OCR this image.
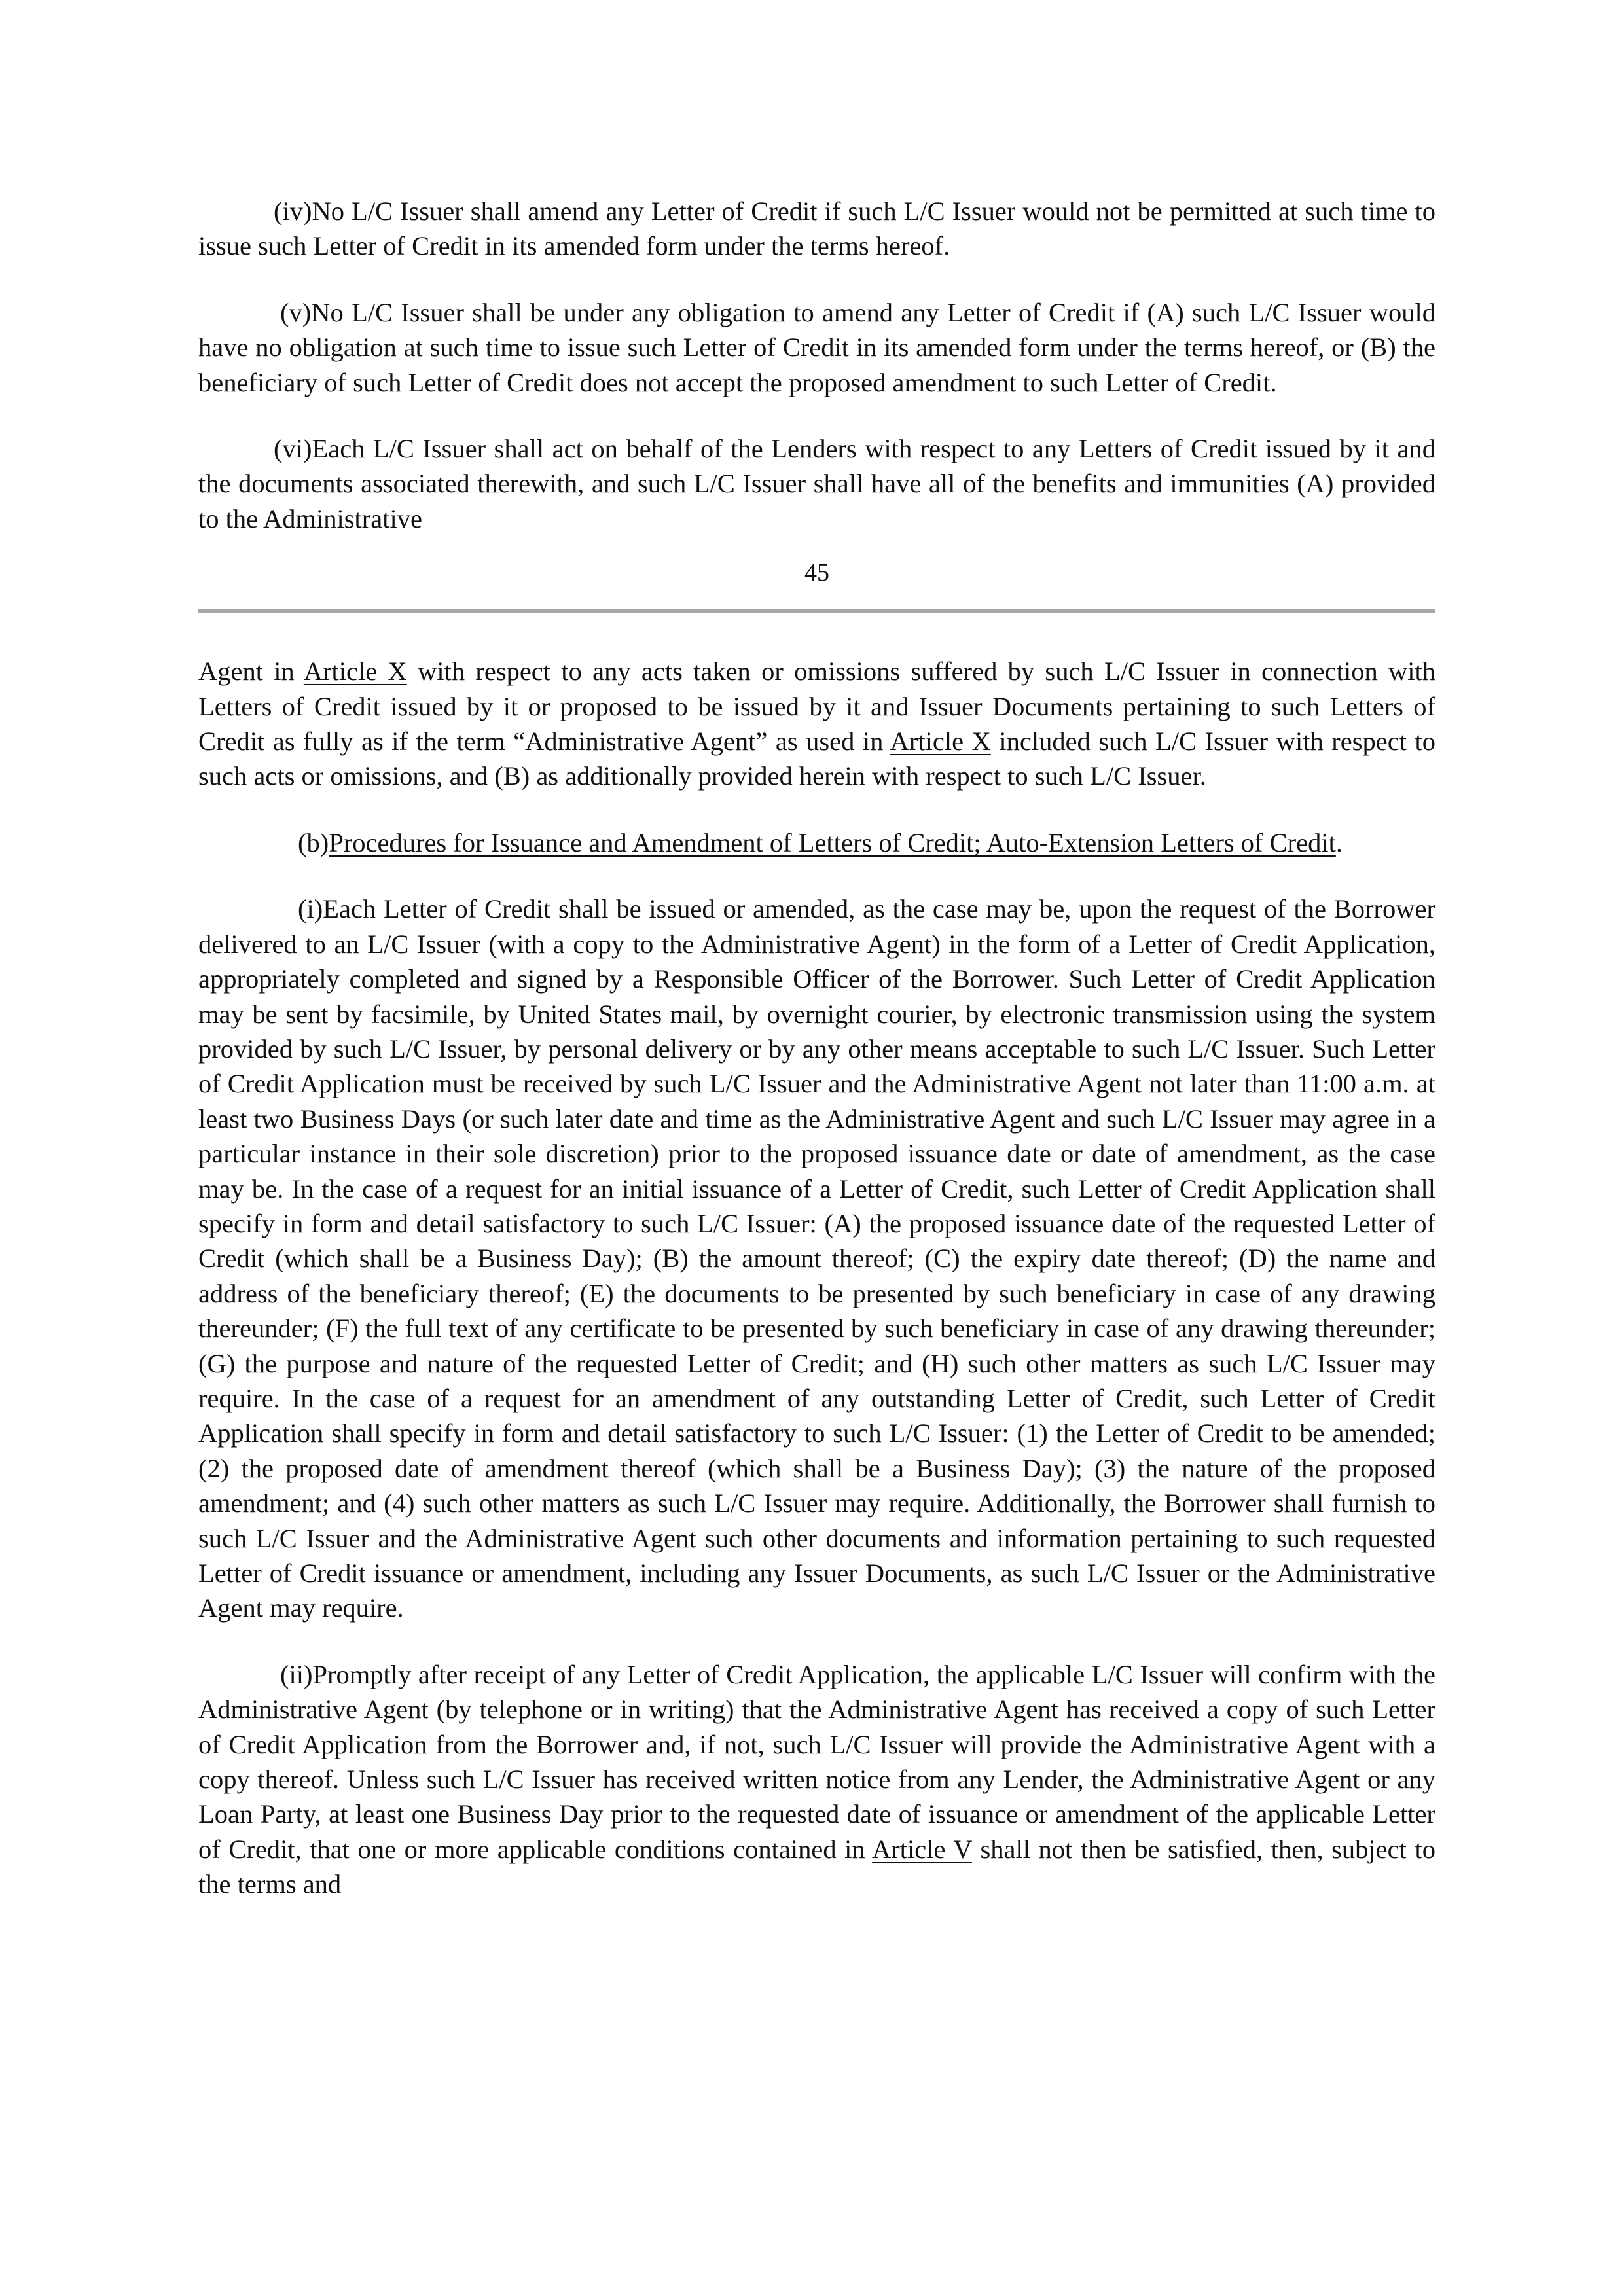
(iv)No L/C Issuer shall amend any Letter of Credit if such L/C Issuer would not be permitted at such time to issue such Letter of Credit in its amended form under the terms hereof.

(v)No L/C Issuer shall be under any obligation to amend any Letter of Credit if (A) such L/C Issuer would have no obligation at such time to issue such Letter of Credit in its amended form under the terms hereof, or (B) the beneficiary of such Letter of Credit does not accept the proposed amendment to such Letter of Credit.

(vi)Each L/C Issuer shall act on behalf of the Lenders with respect to any Letters of Credit issued by it and the documents associated therewith, and such L/C Issuer shall have all of the benefits and immunities (A) provided to the Administrative

45

Agent in Article X with respect to any acts taken or omissions suffered by such L/C Issuer in connection with Letters of Credit issued by it or proposed to be issued by it and Issuer Documents pertaining to such Letters of Credit as fully as if the term “Administrative Agent” as used in Article X included such L/C Issuer with respect to such acts or omissions, and (B) as additionally provided herein with respect to such L/C Issuer.

(b)Procedures for Issuance and Amendment of Letters of Credit; Auto-Extension Letters of Credit.

(i)Each Letter of Credit shall be issued or amended, as the case may be, upon the request of the Borrower delivered to an L/C Issuer (with a copy to the Administrative Agent) in the form of a Letter of Credit Application, appropriately completed and signed by a Responsible Officer of the Borrower. Such Letter of Credit Application may be sent by facsimile, by United States mail, by overnight courier, by electronic transmission using the system provided by such L/C Issuer, by personal delivery or by any other means acceptable to such L/C Issuer. Such Letter of Credit Application must be received by such L/C Issuer and the Administrative Agent not later than 11:00 a.m. at least two Business Days (or such later date and time as the Administrative Agent and such L/C Issuer may agree in a particular instance in their sole discretion) prior to the proposed issuance date or date of amendment, as the case may be. In the case of a request for an initial issuance of a Letter of Credit, such Letter of Credit Application shall specify in form and detail satisfactory to such L/C Issuer: (A) the proposed issuance date of the requested Letter of Credit (which shall be a Business Day); (B) the amount thereof; (C) the expiry date thereof; (D) the name and address of the beneficiary thereof; (E) the documents to be presented by such beneficiary in case of any drawing thereunder; (F) the full text of any certificate to be presented by such beneficiary in case of any drawing thereunder; (G) the purpose and nature of the requested Letter of Credit; and (H) such other matters as such L/C Issuer may require. In the case of a request for an amendment of any outstanding Letter of Credit, such Letter of Credit Application shall specify in form and detail satisfactory to such L/C Issuer: (1) the Letter of Credit to be amended; (2) the proposed date of amendment thereof (which shall be a Business Day); (3) the nature of the proposed amendment; and (4) such other matters as such L/C Issuer may require. Additionally, the Borrower shall furnish to such L/C Issuer and the Administrative Agent such other documents and information pertaining to such requested Letter of Credit issuance or amendment, including any Issuer Documents, as such L/C Issuer or the Administrative Agent may require.

(ii)Promptly after receipt of any Letter of Credit Application, the applicable L/C Issuer will confirm with the Administrative Agent (by telephone or in writing) that the Administrative Agent has received a copy of such Letter of Credit Application from the Borrower and, if not, such L/C Issuer will provide the Administrative Agent with a copy thereof. Unless such L/C Issuer has received written notice from any Lender, the Administrative Agent or any Loan Party, at least one Business Day prior to the requested date of issuance or amendment of the applicable Letter of Credit, that one or more applicable conditions contained in Article V shall not then be satisfied, then, subject to the terms and
